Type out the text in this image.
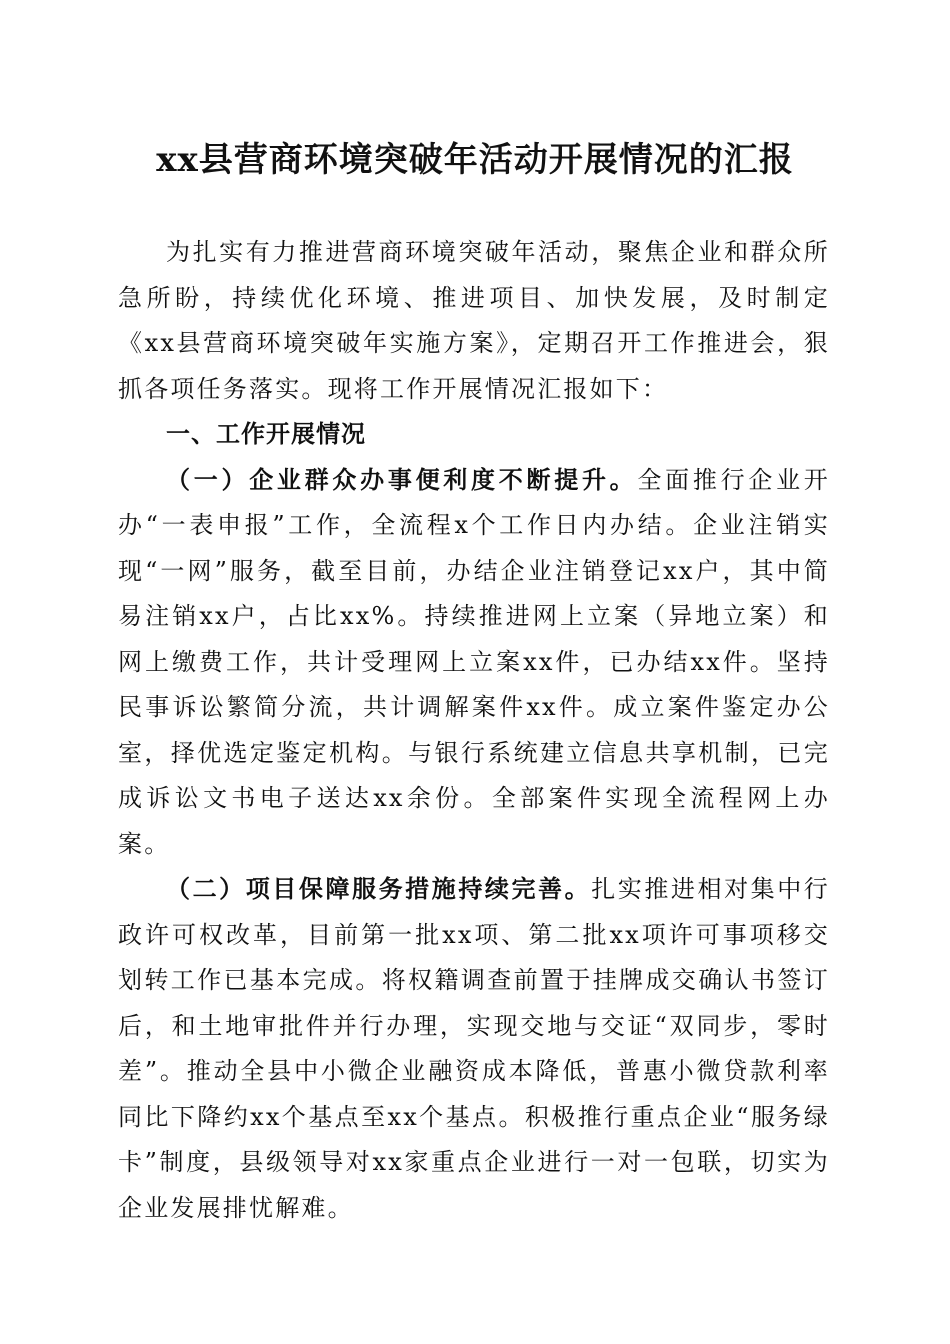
xx县营商环境突破年活动开展情况的汇报

为扎实有力推进营商环境突破年活动，聚焦企业和群众所急所盼，持续优化环境、推进项目、加快发展，及时制定《xx县营商环境突破年实施方案》，定期召开工作推进会，狠抓各项任务落实。现将工作开展情况汇报如下：

一、工作开展情况

（一）企业群众办事便利度不断提升。全面推行企业开办“一表申报”工作，全流程x个工作日内办结。企业注销实现“一网”服务，截至目前，办结企业注销登记xx户，其中简易注销xx户，占比xx%。持续推进网上立案（异地立案）和网上缴费工作，共计受理网上立案xx件，已办结xx件。坚持民事诉讼繁简分流，共计调解案件xx件。成立案件鉴定办公室，择优选定鉴定机构。与银行系统建立信息共享机制，已完成诉讼文书电子送达xx余份。全部案件实现全流程网上办案。

（二）项目保障服务措施持续完善。扎实推进相对集中行政许可权改革，目前第一批xx项、第二批xx项许可事项移交划转工作已基本完成。将权籍调查前置于挂牌成交确认书签订后，和土地审批件并行办理，实现交地与交证“双同步，零时差”。推动全县中小微企业融资成本降低，普惠小微贷款利率同比下降约xx个基点至xx个基点。积极推行重点企业“服务绿卡”制度，县级领导对xx家重点企业进行一对一包联，切实为企业发展排忧解难。
